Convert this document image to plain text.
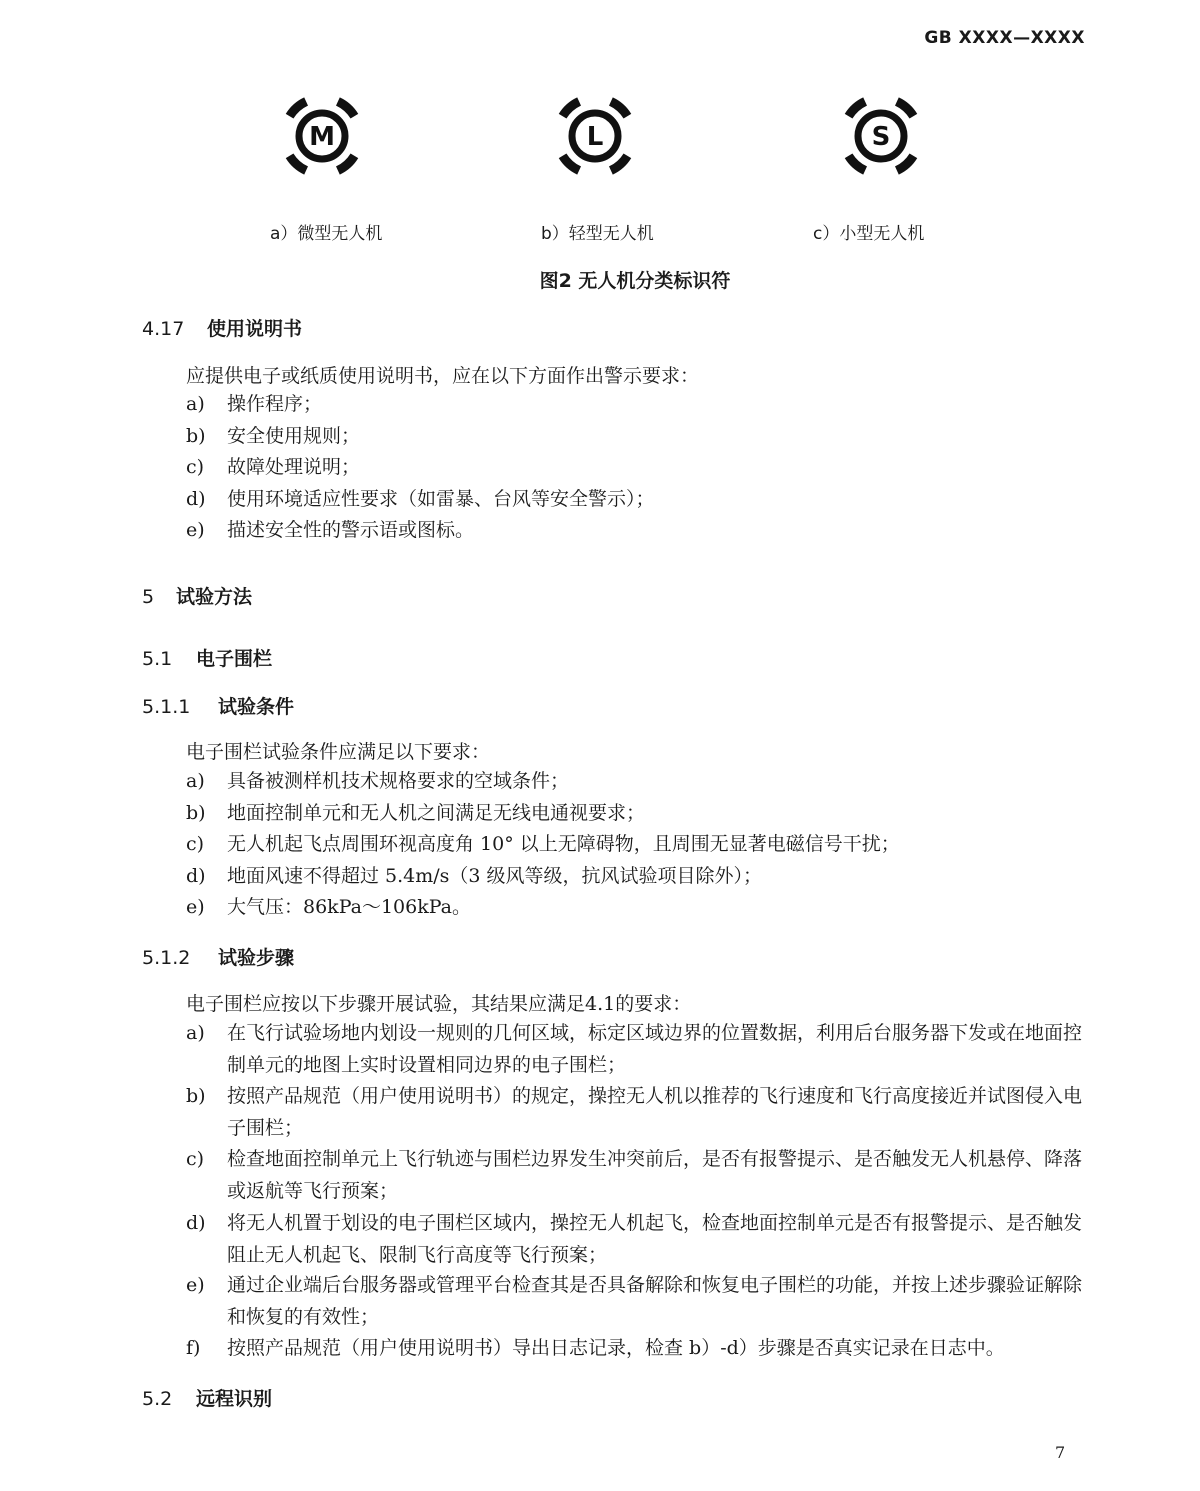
GB XXXX—XXXX
M	L	S
a）微型无人机	b）轻型无人机	c）小型无人机
图2 无人机分类标识符
4.17 使用说明书
应提供电子或纸质使用说明书，应在以下方面作出警示要求：
a) 操作程序；
b) 安全使用规则；
c) 故障处理说明；
d) 使用环境适应性要求（如雷暴、台风等安全警示）；
e) 描述安全性的警示语或图标。
5 试验方法
5.1 电子围栏
5.1.1 试验条件
电子围栏试验条件应满足以下要求：
a) 具备被测样机技术规格要求的空域条件；
b) 地面控制单元和无人机之间满足无线电通视要求；
c) 无人机起飞点周围环视高度角 10° 以上无障碍物，且周围无显著电磁信号干扰；
d) 地面风速不得超过 5.4m/s（3 级风等级，抗风试验项目除外）；
e) 大气压：86kPa～106kPa。
5.1.2 试验步骤
电子围栏应按以下步骤开展试验，其结果应满足4.1的要求：
a) 在飞行试验场地内划设一规则的几何区域，标定区域边界的位置数据，利用后台服务器下发或在地面控制单元的地图上实时设置相同边界的电子围栏；
b) 按照产品规范（用户使用说明书）的规定，操控无人机以推荐的飞行速度和飞行高度接近并试图侵入电子围栏；
c) 检查地面控制单元上飞行轨迹与围栏边界发生冲突前后，是否有报警提示、是否触发无人机悬停、降落或返航等飞行预案；
d) 将无人机置于划设的电子围栏区域内，操控无人机起飞，检查地面控制单元是否有报警提示、是否触发阻止无人机起飞、限制飞行高度等飞行预案；
e) 通过企业端后台服务器或管理平台检查其是否具备解除和恢复电子围栏的功能，并按上述步骤验证解除和恢复的有效性；
f) 按照产品规范（用户使用说明书）导出日志记录，检查 b）-d）步骤是否真实记录在日志中。
5.2 远程识别
7
